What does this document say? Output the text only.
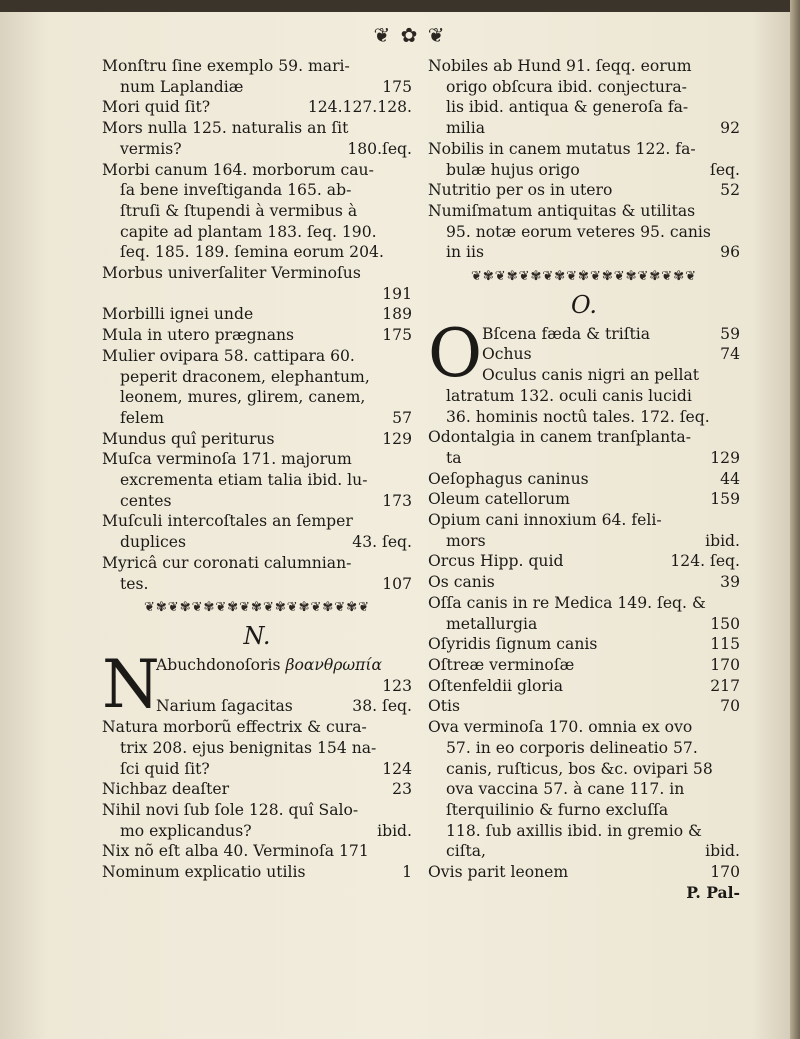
❦ ✿ ❦
Monſtru ſine exemplo 59. mari-
num Laplandiæ	175
Mori quid ſit?	124.127.128.
Mors nulla 125. naturalis an ſit
vermis?	180.ſeq.
Morbi canum 164. morborum cau-
ſa bene inveſtiganda 165. ab-
ſtruſi & ſtupendi à vermibus à
capite ad plantam 183. ſeq. 190.
ſeq. 185. 189. ſemina eorum 204.
Morbus univerſaliter Verminoſus
191

Morbilli ignei unde	189
Mula in utero prægnans	175
Mulier ovipara 58. cattipara 60.
peperit draconem, elephantum,
leonem, mures, glirem, canem,
felem	57
Mundus quî periturus	129
Muſca verminoſa 171. majorum
excrementa etiam talia ibid. lu-
centes	173
Muſculi intercoſtales an ſemper
duplices	43. ſeq.
Myricâ cur coronati calumnian-
tes.	107
❦✾❦✾❦✾❦✾❦✾❦✾❦✾❦✾❦✾❦
N.
N
Abuchdonoſoris βοανθρωπία
123

Narium ſagacitas	38. ſeq.
Natura morborũ effectrix & cura-
trix 208. ejus benignitas 154 na-
ſci quid ſit?	124
Nichbaz deaſter	23
Nihil novi ſub ſole 128. quî Salo-
mo explicandus?	ibid.
Nix nõ eſt alba 40. Verminoſa 171
Nominum explicatio utilis	1
Nobiles ab Hund 91. ſeqq. eorum
origo obſcura ibid. conjectura-
lis ibid. antiqua & generoſa fa-
milia	92
Nobilis in canem mutatus 122. fa-
bulæ hujus origo	ſeq.
Nutritio per os in utero	52
Numiſmatum antiquitas & utilitas
95. notæ eorum veteres 95. canis
in iis	96
❦✾❦✾❦✾❦✾❦✾❦✾❦✾❦✾❦✾❦
O.
O Bſcena fæda & triſtia	59
Ochus	74
Oculus canis nigri an pellat
latratum 132. oculi canis lucidi
36. hominis noctû tales. 172. ſeq.
Odontalgia in canem tranſplanta-
ta	129
Oeſophagus caninus	44
Oleum catellorum	159
Opium cani innoxium 64. feli-
mors	ibid.
Orcus Hipp. quid	124. ſeq.
Os canis	39
Oſſa canis in re Medica 149. ſeq. &
metallurgia	150
Oſyridis ſignum canis	115
Oſtreæ verminoſæ	170
Oſtenfeldii gloria	217
Otis	70
Ova verminoſa 170. omnia ex ovo
57. in eo corporis delineatio 57.
canis, ruſticus, bos &c. ovipari 58
ova vaccina 57. à cane 117. in
ſterquilinio & furno excluſſa
118. ſub axillis ibid. in gremio &
ciſta,	ibid.
Ovis parit leonem	170
P. Pal-
